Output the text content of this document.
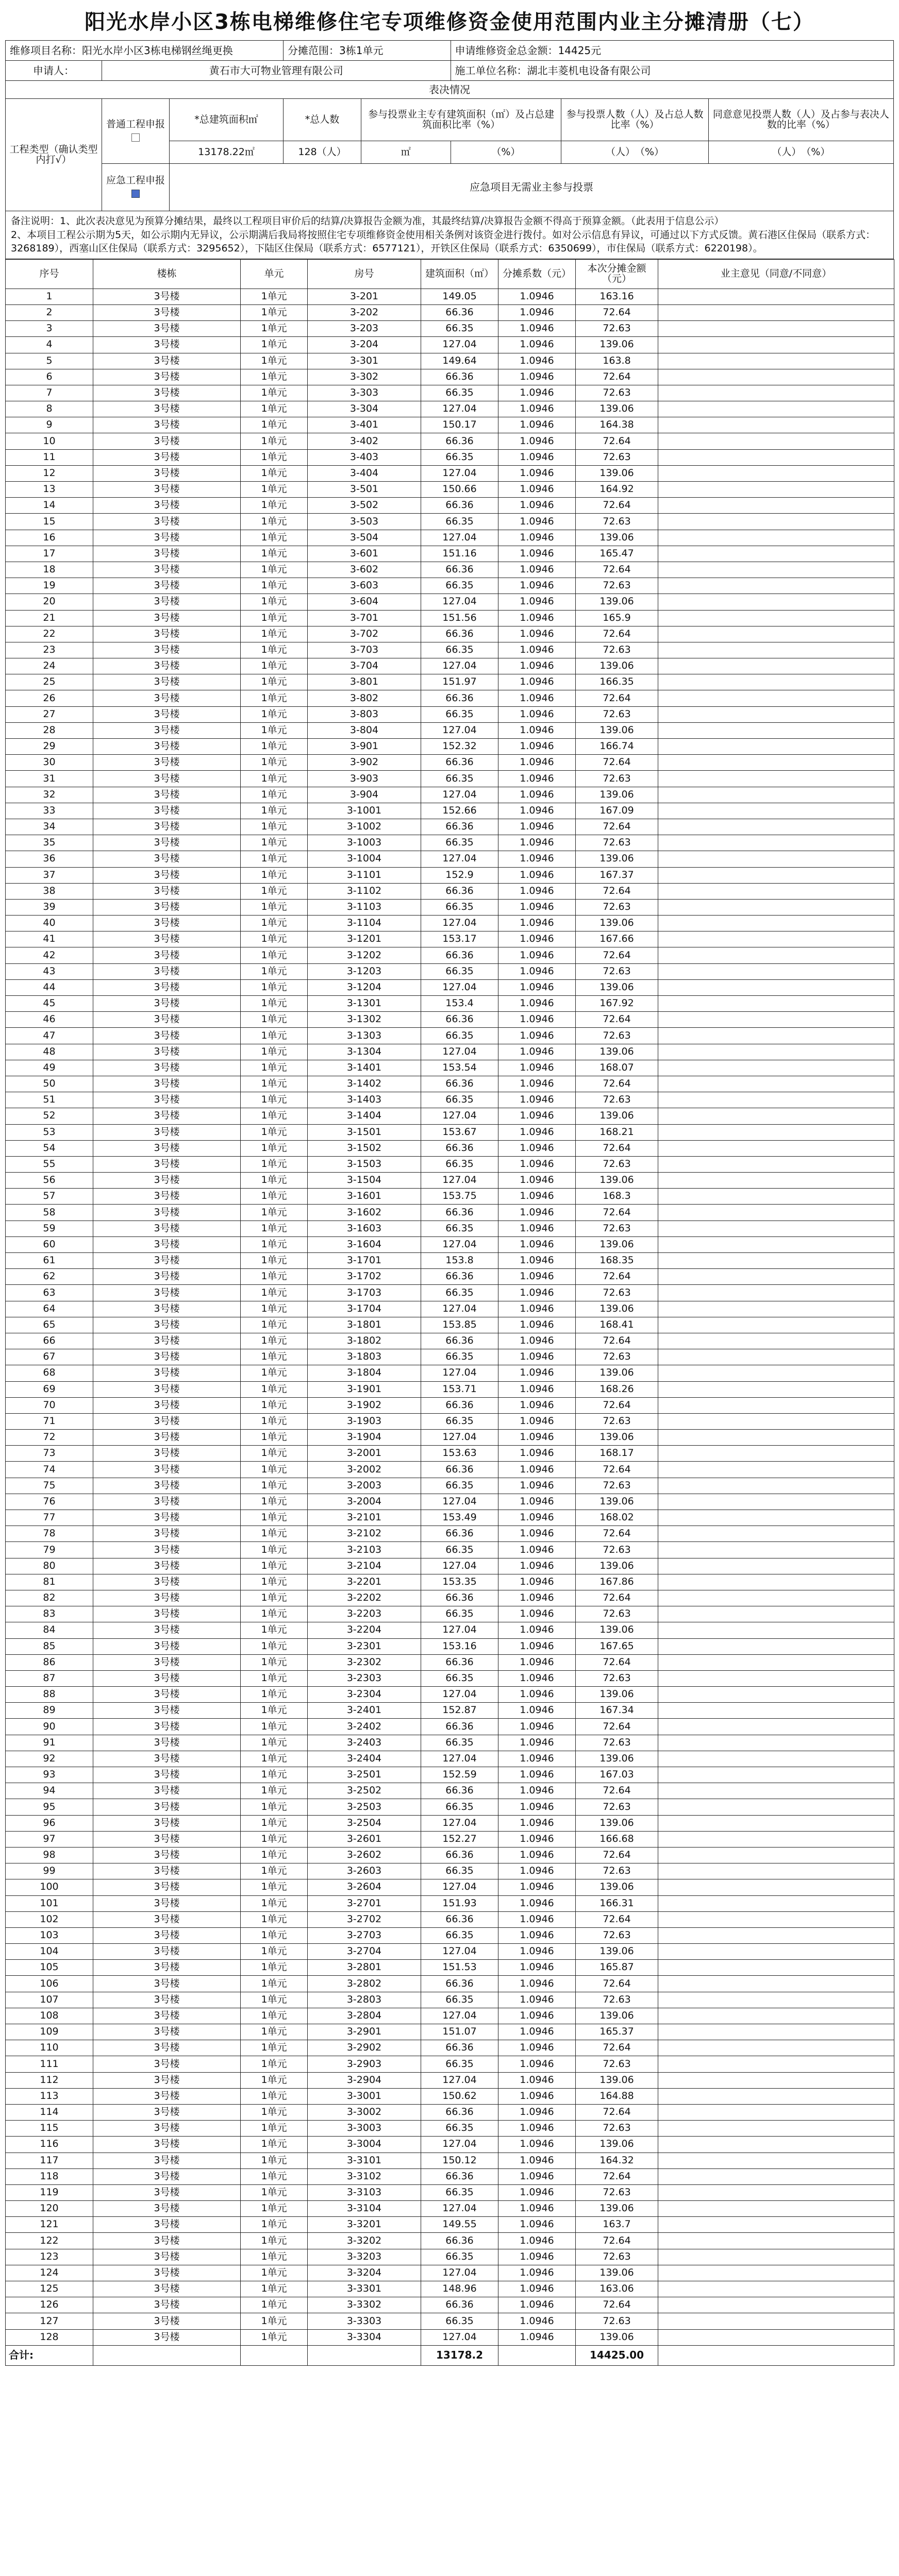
阳光水岸小区3栋电梯维修住宅专项维修资金使用范围内业主分摊清册（七）							
维修项目名称：阳光水岸小区3栋电梯钢丝绳更换			分摊范围：3栋1单元		申请维修资金总金额：14425元		
申请人：	黄石市大可物业管理有限公司				施工单位名称：湖北丰菱机电设备有限公司		
表决情况							
工程类型（确认类型内打√）	普通工程申报	*总建筑面积㎡	*总人数	参与投票业主专有建筑面积（㎡）及占总建筑面积比率（%）		参与投票人数（人）及占总人数比率（%）	同意意见投票人数（人）及占参与表决人数的比率（%）
		13178.22㎡	128（人）	㎡	（%）	（人）　 （%）	（人）　 （%）

	应急工程申报	应急项目无需业主参与投票					

备注说明：1、此次表决意见为预算分摊结果，最终以工程项目审价后的结算/决算报告金额为准，其最终结算/决算报告金额不得高于预算金额。（此表用于信息公示）
2、本项目工程公示期为5天，如公示期内无异议，公示期满后我局将按照住宅专项维修资金使用相关条例对该资金进行拨付。如对公示信息有异议，可通过以下方式反馈。黄石港区住保局（联系方式：3268189），西塞山区住保局（联系方式：3295652），下陆区住保局（联系方式：6577121），开铁区住保局（联系方式：6350699），市住保局（联系方式：6220198）。							
序号	楼栋	单元	房号	建筑面积（㎡）	分摊系数（元）	本次分摊金额（元）	业主意见（同意/不同意）
1	3号楼	1单元	3-201	149.05	1.0946	163.16	
2	3号楼	1单元	3-202	66.36	1.0946	72.64	
3	3号楼	1单元	3-203	66.35	1.0946	72.63	
4	3号楼	1单元	3-204	127.04	1.0946	139.06	
5	3号楼	1单元	3-301	149.64	1.0946	163.8	
6	3号楼	1单元	3-302	66.36	1.0946	72.64	
7	3号楼	1单元	3-303	66.35	1.0946	72.63	
8	3号楼	1单元	3-304	127.04	1.0946	139.06	
9	3号楼	1单元	3-401	150.17	1.0946	164.38	
10	3号楼	1单元	3-402	66.36	1.0946	72.64	
11	3号楼	1单元	3-403	66.35	1.0946	72.63	
12	3号楼	1单元	3-404	127.04	1.0946	139.06	
13	3号楼	1单元	3-501	150.66	1.0946	164.92	
14	3号楼	1单元	3-502	66.36	1.0946	72.64	
15	3号楼	1单元	3-503	66.35	1.0946	72.63	
16	3号楼	1单元	3-504	127.04	1.0946	139.06	
17	3号楼	1单元	3-601	151.16	1.0946	165.47	
18	3号楼	1单元	3-602	66.36	1.0946	72.64	
19	3号楼	1单元	3-603	66.35	1.0946	72.63	
20	3号楼	1单元	3-604	127.04	1.0946	139.06	
21	3号楼	1单元	3-701	151.56	1.0946	165.9	
22	3号楼	1单元	3-702	66.36	1.0946	72.64	
23	3号楼	1单元	3-703	66.35	1.0946	72.63	
24	3号楼	1单元	3-704	127.04	1.0946	139.06	
25	3号楼	1单元	3-801	151.97	1.0946	166.35	
26	3号楼	1单元	3-802	66.36	1.0946	72.64	
27	3号楼	1单元	3-803	66.35	1.0946	72.63	
28	3号楼	1单元	3-804	127.04	1.0946	139.06	
29	3号楼	1单元	3-901	152.32	1.0946	166.74	
30	3号楼	1单元	3-902	66.36	1.0946	72.64	
31	3号楼	1单元	3-903	66.35	1.0946	72.63	
32	3号楼	1单元	3-904	127.04	1.0946	139.06	
33	3号楼	1单元	3-1001	152.66	1.0946	167.09	
34	3号楼	1单元	3-1002	66.36	1.0946	72.64	
35	3号楼	1单元	3-1003	66.35	1.0946	72.63	
36	3号楼	1单元	3-1004	127.04	1.0946	139.06	
37	3号楼	1单元	3-1101	152.9	1.0946	167.37	
38	3号楼	1单元	3-1102	66.36	1.0946	72.64	
39	3号楼	1单元	3-1103	66.35	1.0946	72.63	
40	3号楼	1单元	3-1104	127.04	1.0946	139.06	
41	3号楼	1单元	3-1201	153.17	1.0946	167.66	
42	3号楼	1单元	3-1202	66.36	1.0946	72.64	
43	3号楼	1单元	3-1203	66.35	1.0946	72.63	
44	3号楼	1单元	3-1204	127.04	1.0946	139.06	
45	3号楼	1单元	3-1301	153.4	1.0946	167.92	
46	3号楼	1单元	3-1302	66.36	1.0946	72.64	
47	3号楼	1单元	3-1303	66.35	1.0946	72.63	
48	3号楼	1单元	3-1304	127.04	1.0946	139.06	
49	3号楼	1单元	3-1401	153.54	1.0946	168.07	
50	3号楼	1单元	3-1402	66.36	1.0946	72.64	
51	3号楼	1单元	3-1403	66.35	1.0946	72.63	
52	3号楼	1单元	3-1404	127.04	1.0946	139.06	
53	3号楼	1单元	3-1501	153.67	1.0946	168.21	
54	3号楼	1单元	3-1502	66.36	1.0946	72.64	
55	3号楼	1单元	3-1503	66.35	1.0946	72.63	
56	3号楼	1单元	3-1504	127.04	1.0946	139.06	
57	3号楼	1单元	3-1601	153.75	1.0946	168.3	
58	3号楼	1单元	3-1602	66.36	1.0946	72.64	
59	3号楼	1单元	3-1603	66.35	1.0946	72.63	
60	3号楼	1单元	3-1604	127.04	1.0946	139.06	
61	3号楼	1单元	3-1701	153.8	1.0946	168.35	
62	3号楼	1单元	3-1702	66.36	1.0946	72.64	
63	3号楼	1单元	3-1703	66.35	1.0946	72.63	
64	3号楼	1单元	3-1704	127.04	1.0946	139.06	
65	3号楼	1单元	3-1801	153.85	1.0946	168.41	
66	3号楼	1单元	3-1802	66.36	1.0946	72.64	
67	3号楼	1单元	3-1803	66.35	1.0946	72.63	
68	3号楼	1单元	3-1804	127.04	1.0946	139.06	
69	3号楼	1单元	3-1901	153.71	1.0946	168.26	
70	3号楼	1单元	3-1902	66.36	1.0946	72.64	
71	3号楼	1单元	3-1903	66.35	1.0946	72.63	
72	3号楼	1单元	3-1904	127.04	1.0946	139.06	
73	3号楼	1单元	3-2001	153.63	1.0946	168.17	
74	3号楼	1单元	3-2002	66.36	1.0946	72.64	
75	3号楼	1单元	3-2003	66.35	1.0946	72.63	
76	3号楼	1单元	3-2004	127.04	1.0946	139.06	
77	3号楼	1单元	3-2101	153.49	1.0946	168.02	
78	3号楼	1单元	3-2102	66.36	1.0946	72.64	
79	3号楼	1单元	3-2103	66.35	1.0946	72.63	
80	3号楼	1单元	3-2104	127.04	1.0946	139.06	
81	3号楼	1单元	3-2201	153.35	1.0946	167.86	
82	3号楼	1单元	3-2202	66.36	1.0946	72.64	
83	3号楼	1单元	3-2203	66.35	1.0946	72.63	
84	3号楼	1单元	3-2204	127.04	1.0946	139.06	
85	3号楼	1单元	3-2301	153.16	1.0946	167.65	
86	3号楼	1单元	3-2302	66.36	1.0946	72.64	
87	3号楼	1单元	3-2303	66.35	1.0946	72.63	
88	3号楼	1单元	3-2304	127.04	1.0946	139.06	
89	3号楼	1单元	3-2401	152.87	1.0946	167.34	
90	3号楼	1单元	3-2402	66.36	1.0946	72.64	
91	3号楼	1单元	3-2403	66.35	1.0946	72.63	
92	3号楼	1单元	3-2404	127.04	1.0946	139.06	
93	3号楼	1单元	3-2501	152.59	1.0946	167.03	
94	3号楼	1单元	3-2502	66.36	1.0946	72.64	
95	3号楼	1单元	3-2503	66.35	1.0946	72.63	
96	3号楼	1单元	3-2504	127.04	1.0946	139.06	
97	3号楼	1单元	3-2601	152.27	1.0946	166.68	
98	3号楼	1单元	3-2602	66.36	1.0946	72.64	
99	3号楼	1单元	3-2603	66.35	1.0946	72.63	
100	3号楼	1单元	3-2604	127.04	1.0946	139.06	
101	3号楼	1单元	3-2701	151.93	1.0946	166.31	
102	3号楼	1单元	3-2702	66.36	1.0946	72.64	
103	3号楼	1单元	3-2703	66.35	1.0946	72.63	
104	3号楼	1单元	3-2704	127.04	1.0946	139.06	
105	3号楼	1单元	3-2801	151.53	1.0946	165.87	
106	3号楼	1单元	3-2802	66.36	1.0946	72.64	
107	3号楼	1单元	3-2803	66.35	1.0946	72.63	
108	3号楼	1单元	3-2804	127.04	1.0946	139.06	
109	3号楼	1单元	3-2901	151.07	1.0946	165.37	
110	3号楼	1单元	3-2902	66.36	1.0946	72.64	
111	3号楼	1单元	3-2903	66.35	1.0946	72.63	
112	3号楼	1单元	3-2904	127.04	1.0946	139.06	
113	3号楼	1单元	3-3001	150.62	1.0946	164.88	
114	3号楼	1单元	3-3002	66.36	1.0946	72.64	
115	3号楼	1单元	3-3003	66.35	1.0946	72.63	
116	3号楼	1单元	3-3004	127.04	1.0946	139.06	
117	3号楼	1单元	3-3101	150.12	1.0946	164.32	
118	3号楼	1单元	3-3102	66.36	1.0946	72.64	
119	3号楼	1单元	3-3103	66.35	1.0946	72.63	
120	3号楼	1单元	3-3104	127.04	1.0946	139.06	
121	3号楼	1单元	3-3201	149.55	1.0946	163.7	
122	3号楼	1单元	3-3202	66.36	1.0946	72.64	
123	3号楼	1单元	3-3203	66.35	1.0946	72.63	
124	3号楼	1单元	3-3204	127.04	1.0946	139.06	
125	3号楼	1单元	3-3301	148.96	1.0946	163.06	
126	3号楼	1单元	3-3302	66.36	1.0946	72.64	
127	3号楼	1单元	3-3303	66.35	1.0946	72.63	
128	3号楼	1单元	3-3304	127.04	1.0946	139.06	
合计:				13178.2		14425.00	
